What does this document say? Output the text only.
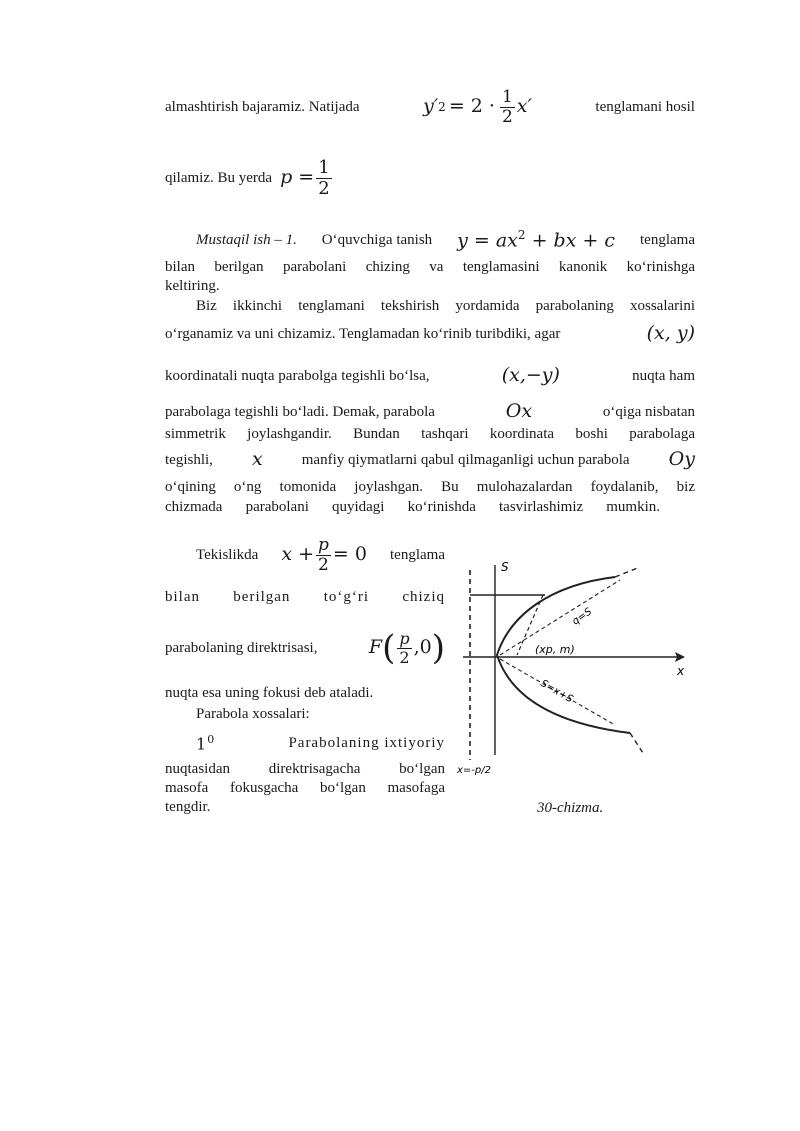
almashtirish bajaramiz. Natijada	y′ $2 = 2 \cdot \frac{1}{2} x'$	tenglamani hosil
qilamiz. Bu yerda $p = \frac{1}{2}$
Mustaqil ish – 1. O‘quvchiga tanish $y = ax^2$ + bx + c tenglama
bilan berilgan parabolani chizing va tenglamasini kanonik ko‘rinishga
keltiring.
Biz ikkinchi tenglamani tekshirish yordamida parabolaning xossalarini
o‘rganamiz va uni chizamiz. Tenglamadan ko‘rinib turibdiki, agar	(x, y)
koordinatali nuqta parabolga tegishli bo‘lsa,	(x,−y)	nuqta ham
parabolaga tegishli bo‘ladi. Demak, parabola	Ox	o‘qiga nisbatan
simmetrik joylashgandir. Bundan tashqari koordinata boshi parabolaga
tegishli, x	manfiy qiymatlarni qabul qilmaganligi uchun parabola Oy
o‘qining o‘ng tomonida joylashgan. Bu mulohazalardan foydalanib, biz
chizmada parabolani quyidagi ko‘rinishda tasvirlashimiz mumkin.
Tekislikda $x + \frac{p}{2} = 0$ tenglama
bilan berilgan to‘g‘ri chiziq
parabolaning direktrisasi,	F ( $\frac{p}{2} ,0$ )
nuqta esa uning fokusi deb ataladi.
Parabola xossalari:
$1^0$	Parabolaning ixtiyoriy
nuqtasidan direktrisagacha bo‘lgan
masofa fokusgacha bo‘lgan masofaga
tengdir.
S
x
q=S
(xp, m)
S=x+S
x=-p/2
30-chizma.
